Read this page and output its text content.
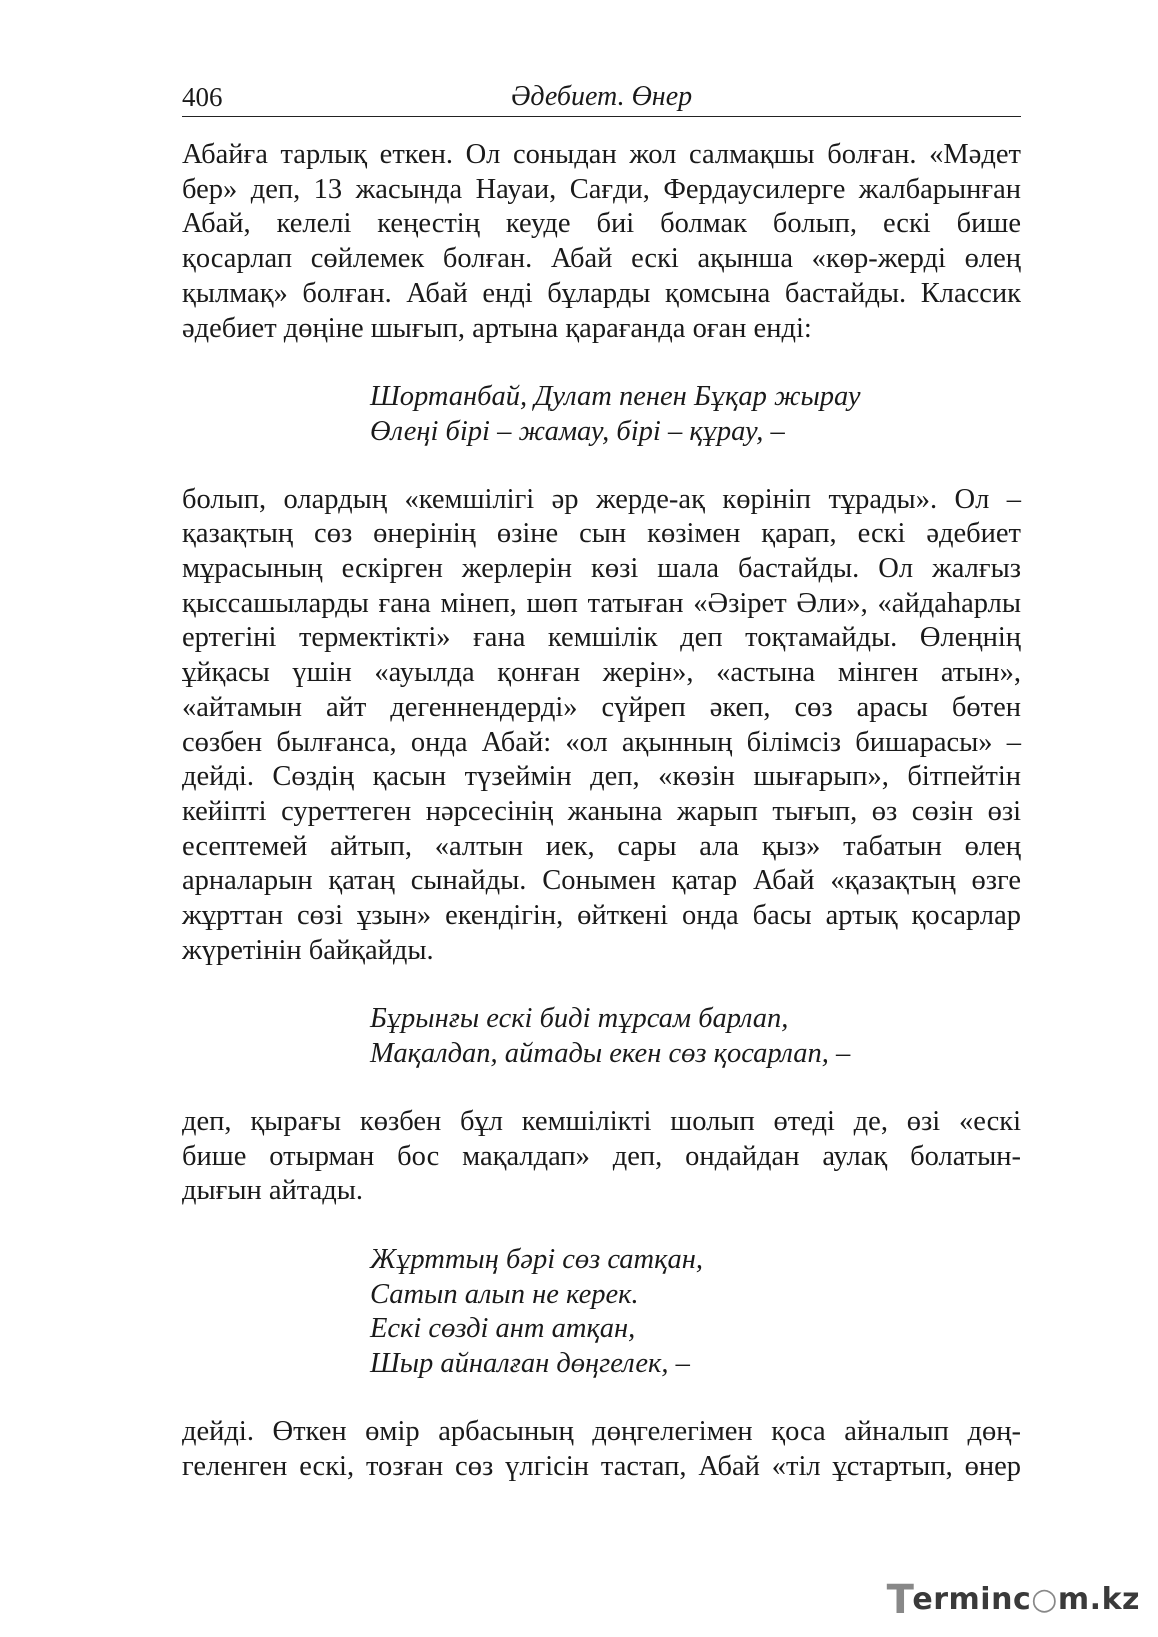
406	Әдебиет. Өнер
Абайға тарлық еткен. Ол соныдан жол салмақшы болған. «Мәдет
бер» деп, 13 жасында Науаи, Сағди, Фердаусилерге жалбарынған
Абай, келелі кеңестің кеуде биі болмак болып, ескі бише
қосарлап сөйлемек болған. Абай ескі ақынша «көр-жерді өлең
қылмақ» болған. Абай енді бұларды қомсына бастайды. Классик
әдебиет дөңіне шығып, артына қарағанда оған енді:
Шортанбай, Дулат пенен Бұқар жырау
Өлеңі бірі – жамау, бірі – құрау, –
болып, олардың «кемшілігі әр жерде-ақ көрініп тұрады». Ол –
қазақтың сөз өнерінің өзіне сын көзімен қарап, ескі әдебиет
мұрасының ескірген жерлерін көзі шала бастайды. Ол жалғыз
қыссашыларды ғана мінеп, шөп татыған «Әзірет Әли», «айдаһарлы
ертегіні термектікті» ғана кемшілік деп тоқтамайды. Өлеңнің
ұйқасы үшін «ауылда қонған жерін», «астына мінген атын»,
«айтамын айт дегеннендерді» сүйреп әкеп, сөз арасы бөтен
сөзбен былғанса, онда Абай: «ол ақынның білімсіз бишарасы» –
дейді. Сөздің қасын түзеймін деп, «көзін шығарып», бітпейтін
кейіпті суреттеген нәрсесінің жанына жарып тығып, өз сөзін өзі
есептемей айтып, «алтын иек, сары ала қыз» табатын өлең
арналарын қатаң сынайды. Сонымен қатар Абай «қазақтың өзге
жұрттан сөзі ұзын» екендігін, өйткені онда басы артық қосарлар
жүретінін байқайды.
Бұрынғы ескі биді тұрсам барлап,
Мақалдап, айтады екен сөз қосарлап, –
деп, қырағы көзбен бұл кемшілікті шолып өтеді де, өзі «ескі
бише отырман бос мақалдап» деп, ондайдан аулақ болатын-
дығын айтады.
Жұрттың бәрі сөз сатқан,
Сатып алып не керек.
Ескі сөзді ант атқан,
Шыр айналған дөңгелек, –
дейді. Өткен өмір арбасының дөңгелегімен қоса айналып дөң-
геленген ескі, тозған сөз үлгісін тастап, Абай «тіл ұстартып, өнер
T
erminc ○ m.kz
